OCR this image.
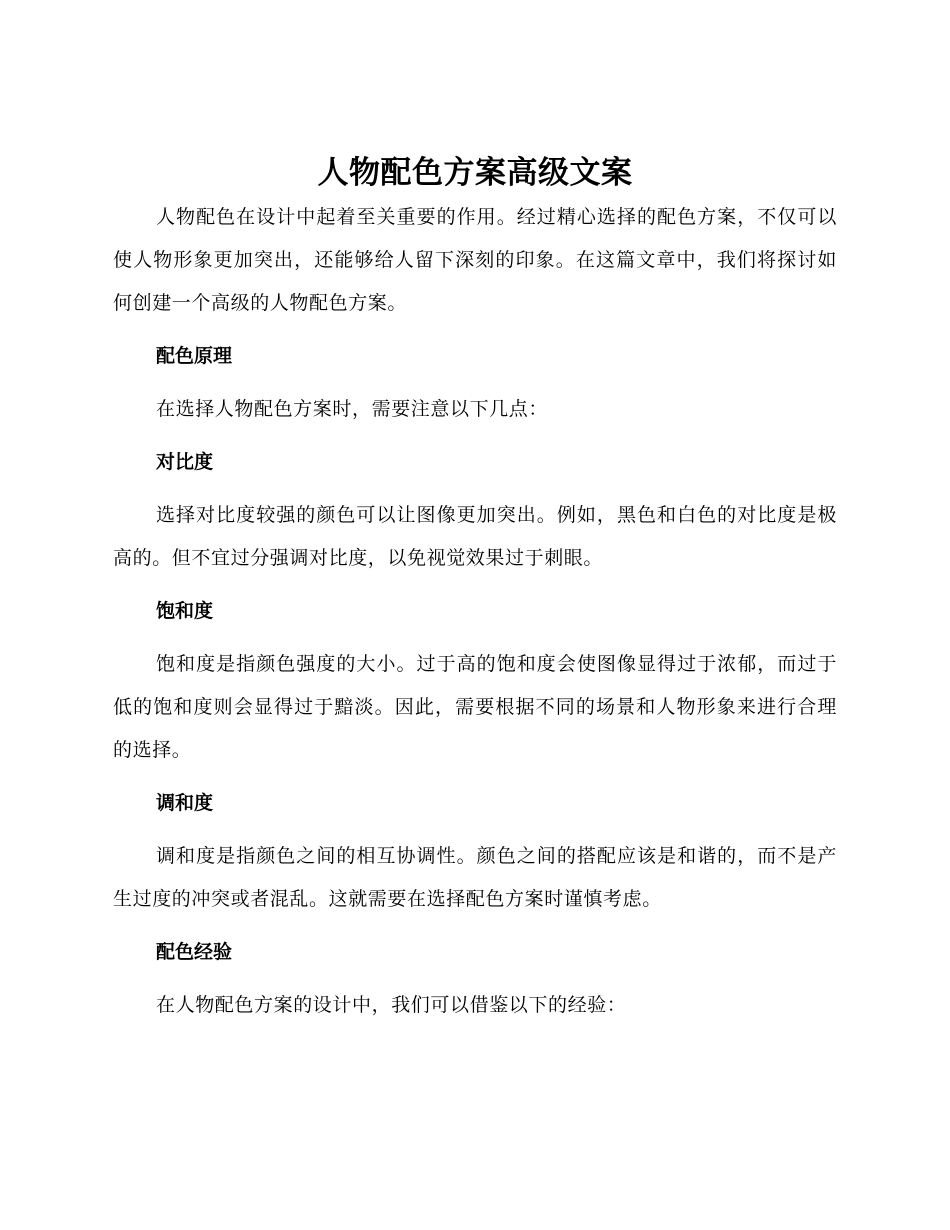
人物配色方案高级文案

人物配色在设计中起着至关重要的作用。经过精心选择的配色方案，不仅可以使人物形象更加突出，还能够给人留下深刻的印象。在这篇文章中，我们将探讨如何创建一个高级的人物配色方案。

配色原理

在选择人物配色方案时，需要注意以下几点：

对比度

选择对比度较强的颜色可以让图像更加突出。例如，黑色和白色的对比度是极高的。但不宜过分强调对比度，以免视觉效果过于刺眼。

饱和度

饱和度是指颜色强度的大小。过于高的饱和度会使图像显得过于浓郁，而过于低的饱和度则会显得过于黯淡。因此，需要根据不同的场景和人物形象来进行合理的选择。

调和度

调和度是指颜色之间的相互协调性。颜色之间的搭配应该是和谐的，而不是产生过度的冲突或者混乱。这就需要在选择配色方案时谨慎考虑。

配色经验

在人物配色方案的设计中，我们可以借鉴以下的经验：
